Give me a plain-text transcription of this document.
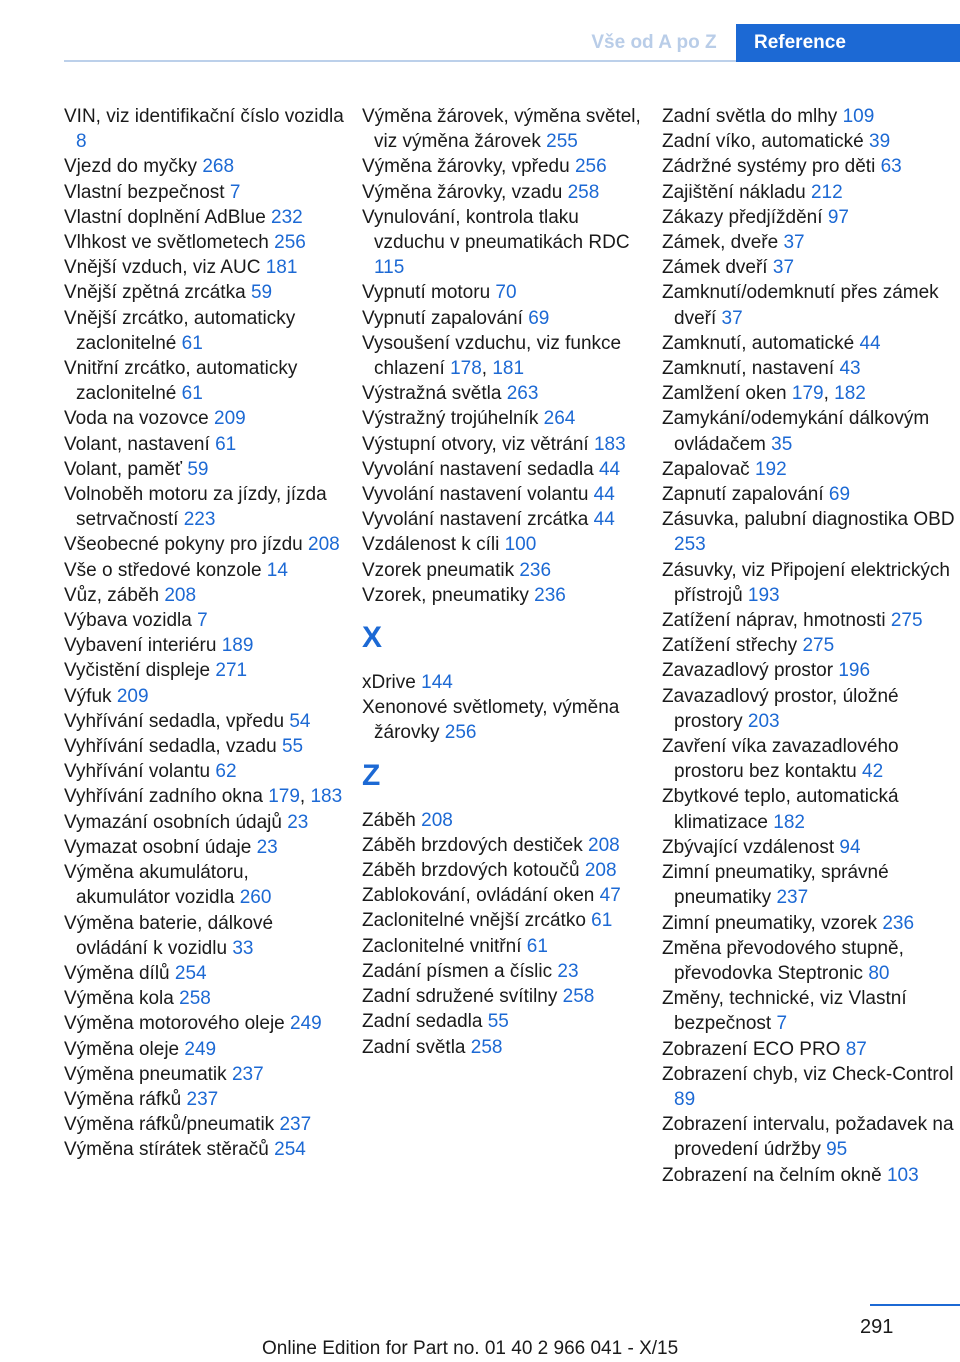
Vše od A po Z	Reference
VIN, viz identifikační číslo vozidla 8
Vjezd do myčky 268
Vlastní bezpečnost 7
Vlastní doplnění AdBlue 232
Vlhkost ve světlometech 256
Vnější vzduch, viz AUC 181
Vnější zpětná zrcátka 59
Vnější zrcátko, automaticky zaclonitelné 61
Vnitřní zrcátko, automaticky zaclonitelné 61
Voda na vozovce 209
Volant, nastavení 61
Volant, paměť 59
Volnoběh motoru za jízdy, jízda setrvačností 223
Všeobecné pokyny pro jízdu 208
Vše o středové konzole 14
Vůz, záběh 208
Výbava vozidla 7
Vybavení interiéru 189
Vyčistění displeje 271
Výfuk 209
Vyhřívání sedadla, vpředu 54
Vyhřívání sedadla, vzadu 55
Vyhřívání volantu 62
Vyhřívání zadního okna 179, 183
Vymazání osobních údajů 23
Vymazat osobní údaje 23
Výměna akumulátoru, akumulátor vozidla 260
Výměna baterie, dálkové ovládání k vozidlu 33
Výměna dílů 254
Výměna kola 258
Výměna motorového oleje 249
Výměna oleje 249
Výměna pneumatik 237
Výměna ráfků 237
Výměna ráfků/pneumatik 237
Výměna stírátek stěračů 254
Výměna žárovek, výměna světel, viz výměna žárovek 255
Výměna žárovky, vpředu 256
Výměna žárovky, vzadu 258
Vynulování, kontrola tlaku vzduchu v pneumatikách RDC 115
Vypnutí motoru 70
Vypnutí zapalování 69
Vysoušení vzduchu, viz funkce chlazení 178, 181
Výstražná světla 263
Výstražný trojúhelník 264
Výstupní otvory, viz větrání 183
Vyvolání nastavení sedadla 44
Vyvolání nastavení volantu 44
Vyvolání nastavení zrcátka 44
Vzdálenost k cíli 100
Vzorek pneumatik 236
Vzorek, pneumatiky 236
X
xDrive 144
Xenonové světlomety, výměna žárovky 256
Z
Záběh 208
Záběh brzdových destiček 208
Záběh brzdových kotoučů 208
Zablokování, ovládání oken 47
Zaclonitelné vnější zrcátko 61
Zaclonitelné vnitřní 61
Zadání písmen a číslic 23
Zadní sdružené svítilny 258
Zadní sedadla 55
Zadní světla 258
Zadní světla do mlhy 109
Zadní víko, automatické 39
Zádržné systémy pro děti 63
Zajištění nákladu 212
Zákazy předjíždění 97
Zámek, dveře 37
Zámek dveří 37
Zamknutí/odemknutí přes zámek dveří 37
Zamknutí, automatické 44
Zamknutí, nastavení 43
Zamlžení oken 179, 182
Zamykání/odemykání dálkovým ovládačem 35
Zapalovač 192
Zapnutí zapalování 69
Zásuvka, palubní diagnostika OBD 253
Zásuvky, viz Připojení elektrických přístrojů 193
Zatížení náprav, hmotnosti 275
Zatížení střechy 275
Zavazadlový prostor 196
Zavazadlový prostor, úložné prostory 203
Zavření víka zavazadlového prostoru bez kontaktu 42
Zbytkové teplo, automatická klimatizace 182
Zbývající vzdálenost 94
Zimní pneumatiky, správné pneumatiky 237
Zimní pneumatiky, vzorek 236
Změna převodového stupně, převodovka Steptronic 80
Změny, technické, viz Vlastní bezpečnost 7
Zobrazení ECO PRO 87
Zobrazení chyb, viz Check-Control 89
Zobrazení intervalu, požadavek na provedení údržby 95
Zobrazení na čelním okně 103
291
Online Edition for Part no. 01 40 2 966 041 - X/15
